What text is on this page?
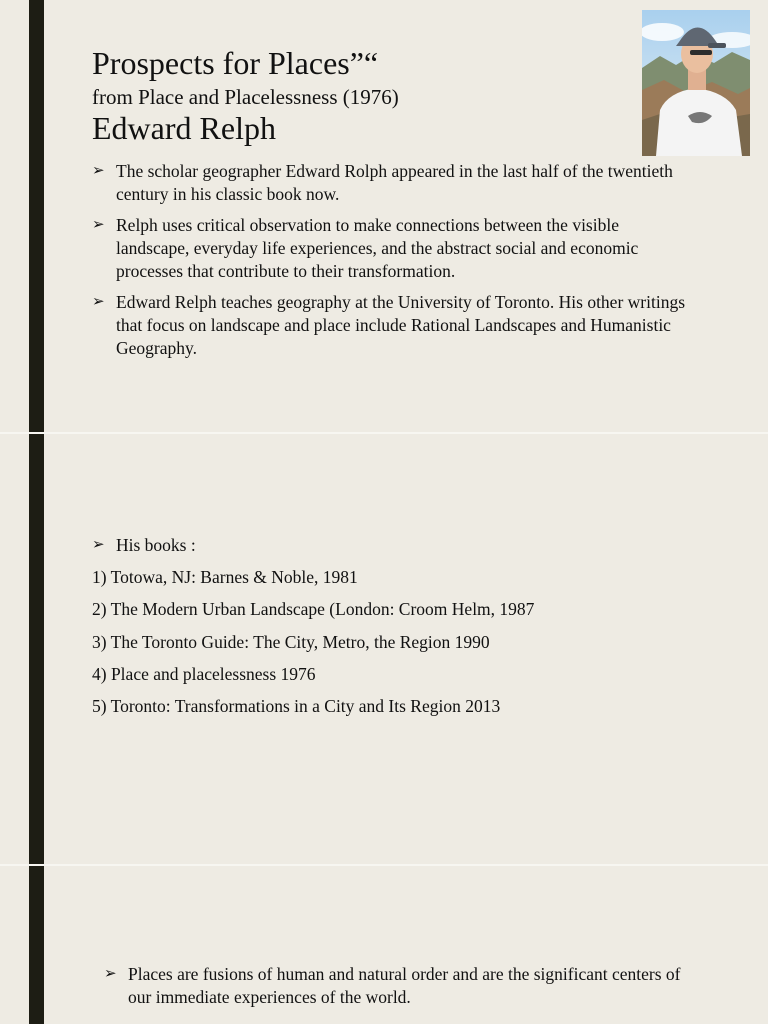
Prospects for Places”“
from Place and Placelessness (1976)
Edward Relph
➢ The scholar geographer Edward Rolph appeared in the last half of the twentieth century in his classic book now.
➢ Relph uses critical observation to make connections between the visible landscape, everyday life experiences, and the abstract social and economic processes that contribute to their transformation.
➢ Edward Relph teaches geography at the University of Toronto. His other writings that focus on landscape and place include Rational Landscapes and Humanistic Geography.
➢ His books :
1) Totowa, NJ: Barnes & Noble, 1981
2) The Modern Urban Landscape (London: Croom Helm, 1987
3) The Toronto Guide: The City, Metro, the Region 1990
4) Place and placelessness 1976
5) Toronto: Transformations in a City and Its Region 2013
➢ Places are fusions of human and natural order and are the significant centers of our immediate experiences of the world.
